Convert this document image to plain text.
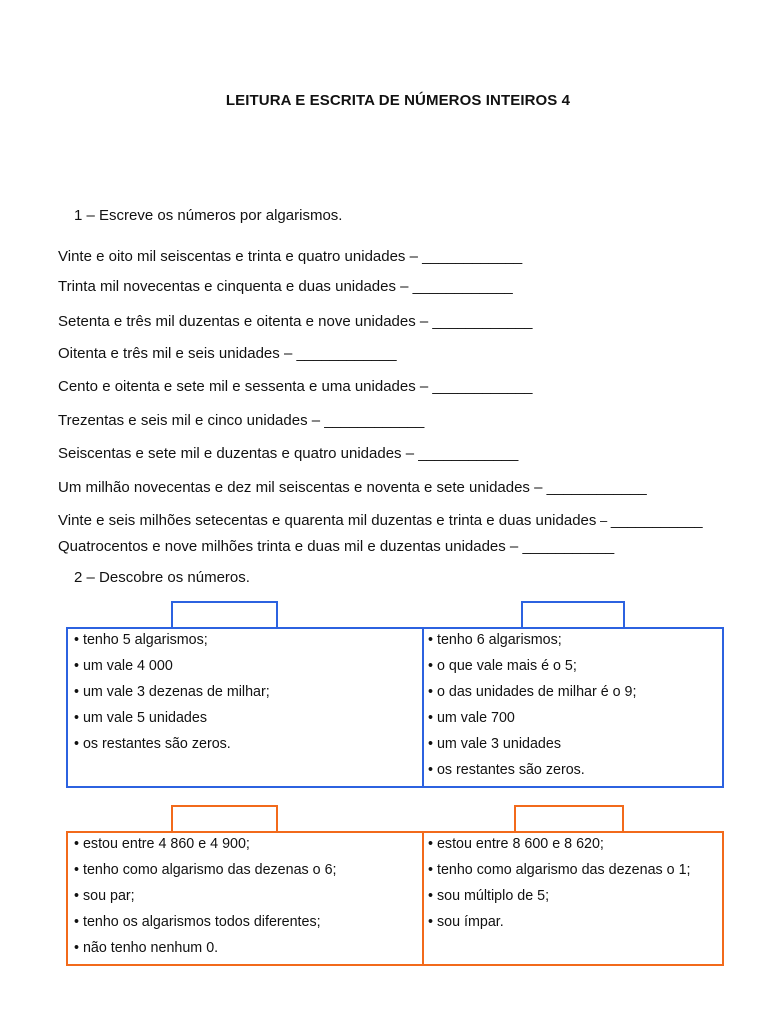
LEITURA E ESCRITA DE NÚMEROS INTEIROS 4
1 – Escreve os números por algarismos.
Vinte e oito mil seiscentas e trinta e quatro unidades – ____________
Trinta mil novecentas e cinquenta e duas unidades – ____________
Setenta e três mil duzentas e oitenta e nove unidades – ____________
Oitenta e três mil e seis unidades – ____________
Cento e oitenta e sete mil e sessenta e uma unidades – ____________
Trezentas e seis mil e cinco unidades – ____________
Seiscentas e sete mil e duzentas e quatro unidades – ____________
Um milhão novecentas e dez mil seiscentas e noventa e sete unidades – ____________
Vinte e seis milhões setecentas e quarenta mil duzentas e trinta e duas unidades – ___________
Quatrocentos e nove milhões trinta e duas mil e duzentas unidades – ___________
2 – Descobre os números.
• tenho 5 algarismos;
• um vale 4 000
• um vale 3 dezenas de milhar;
• um vale 5 unidades
• os restantes são zeros.
• tenho 6 algarismos;
• o que vale mais é o 5;
• o das unidades de milhar é o 9;
• um vale 700
• um vale 3 unidades
• os restantes são zeros.
• estou entre 4 860 e 4 900;
• tenho como algarismo das dezenas o 6;
• sou par;
• tenho os algarismos todos diferentes;
• não tenho nenhum 0.
• estou entre 8 600 e 8 620;
• tenho como algarismo das dezenas o 1;
• sou múltiplo de 5;
• sou ímpar.
